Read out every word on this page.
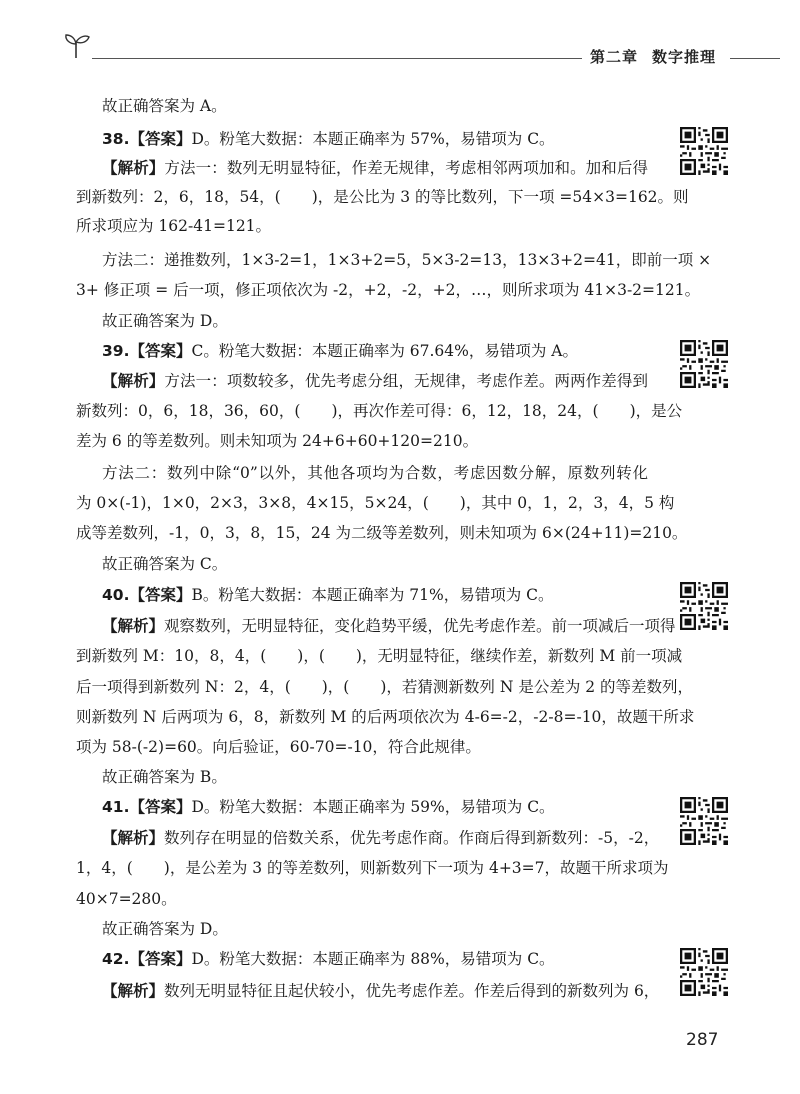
第二章 数字推理
故正确答案为 A。
38.【答案】D。粉笔大数据：本题正确率为 57%，易错项为 C。
【解析】方法一：数列无明显特征，作差无规律，考虑相邻两项加和。加和后得
到新数列：2，6，18，54，(　　)，是公比为 3 的等比数列，下一项 =54×3=162。则
所求项应为 162-41=121。
方法二：递推数列，1×3-2=1，1×3+2=5，5×3-2=13，13×3+2=41，即前一项 ×
3+ 修正项 = 后一项，修正项依次为 -2，+2，-2，+2，…，则所求项为 41×3-2=121。
故正确答案为 D。
39.【答案】C。粉笔大数据：本题正确率为 67.64%，易错项为 A。
【解析】方法一：项数较多，优先考虑分组，无规律，考虑作差。两两作差得到
新数列：0，6，18，36，60，(　　)，再次作差可得：6，12，18，24，(　　)，是公
差为 6 的等差数列。则未知项为 24+6+60+120=210。
方法二：数列中除“0”以外，其他各项均为合数，考虑因数分解，原数列转化
为 0×(-1)，1×0，2×3，3×8，4×15，5×24，(　　)，其中 0，1，2，3，4，5 构
成等差数列，-1，0，3，8，15，24 为二级等差数列，则未知项为 6×(24+11)=210。
故正确答案为 C。
40.【答案】B。粉笔大数据：本题正确率为 71%，易错项为 C。
【解析】观察数列，无明显特征，变化趋势平缓，优先考虑作差。前一项减后一项得
到新数列 M：10，8，4，(　　)，(　　)，无明显特征，继续作差，新数列 M 前一项减
后一项得到新数列 N：2，4，(　　)，(　　)，若猜测新数列 N 是公差为 2 的等差数列，
则新数列 N 后两项为 6，8，新数列 M 的后两项依次为 4-6=-2，-2-8=-10，故题干所求
项为 58-(-2)=60。向后验证，60-70=-10，符合此规律。
故正确答案为 B。
41.【答案】D。粉笔大数据：本题正确率为 59%，易错项为 C。
【解析】数列存在明显的倍数关系，优先考虑作商。作商后得到新数列：-5，-2，
1，4，(　　)，是公差为 3 的等差数列，则新数列下一项为 4+3=7，故题干所求项为
40×7=280。
故正确答案为 D。
42.【答案】D。粉笔大数据：本题正确率为 88%，易错项为 C。
【解析】数列无明显特征且起伏较小，优先考虑作差。作差后得到的新数列为 6，
287
